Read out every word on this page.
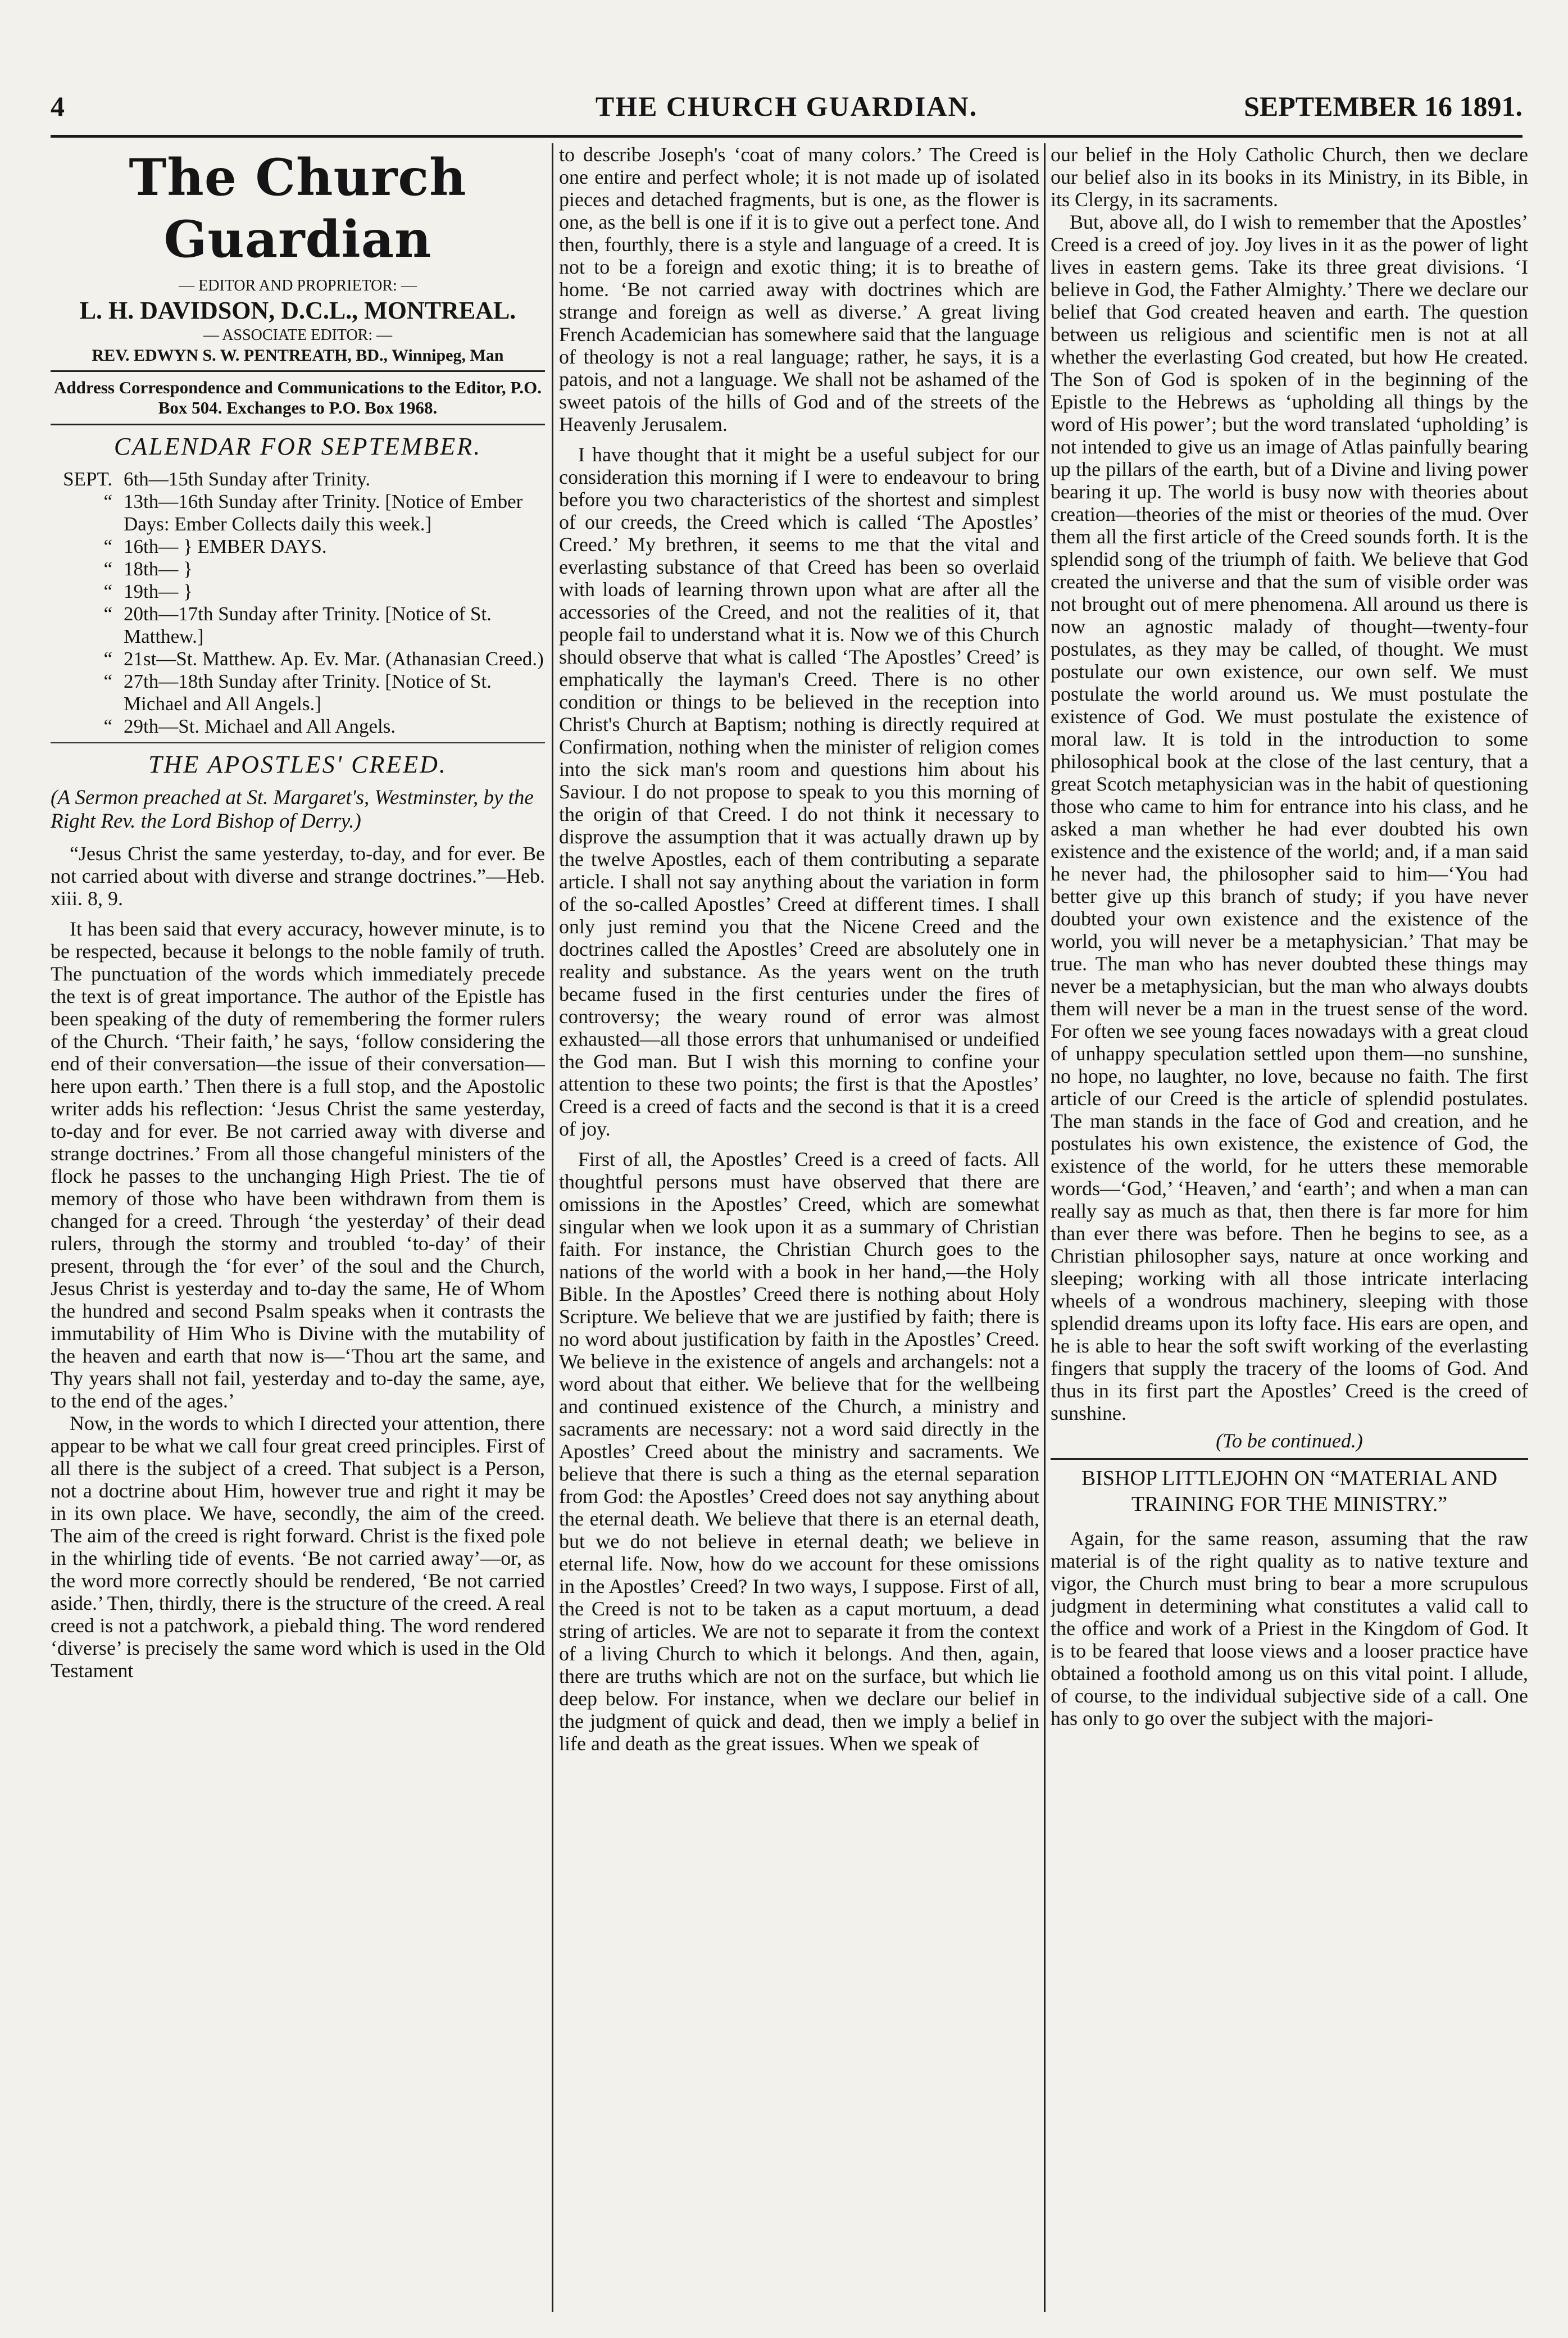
4	THE CHURCH GUARDIAN.	SEPTEMBER 16 1891.
The Church Guardian
— EDITOR AND PROPRIETOR: —
L. H. DAVIDSON, D.C.L., MONTREAL.
— ASSOCIATE EDITOR: —
REV. EDWYN S. W. PENTREATH, BD., Winnipeg, Man
Address Correspondence and Communications to the Editor, P.O. Box 504. Exchanges to P.O. Box 1968.
CALENDAR FOR SEPTEMBER.
SEPT.	6th—15th Sunday after Trinity.
“	13th—16th Sunday after Trinity. [Notice of Ember Days: Ember Collects daily this week.]
“	16th— } EMBER DAYS.
“	18th— }
“	19th— }
“	20th—17th Sunday after Trinity. [Notice of St. Matthew.]
“	21st—St. Matthew. Ap. Ev. Mar. (Athanasian Creed.)
“	27th—18th Sunday after Trinity. [Notice of St. Michael and All Angels.]
“	29th—St. Michael and All Angels.
THE APOSTLES' CREED.
(A Sermon preached at St. Margaret's, Westminster, by the Right Rev. the Lord Bishop of Derry.)

“Jesus Christ the same yesterday, to-day, and for ever. Be not carried about with diverse and strange doctrines.”—Heb. xiii. 8, 9.

It has been said that every accuracy, however minute, is to be respected, because it belongs to the noble family of truth. The punctuation of the words which immediately precede the text is of great importance. The author of the Epistle has been speaking of the duty of remembering the former rulers of the Church. ‘Their faith,’ he says, ‘follow considering the end of their conversation—the issue of their conversation—here upon earth.’ Then there is a full stop, and the Apostolic writer adds his reflection: ‘Jesus Christ the same yesterday, to-day and for ever. Be not carried away with diverse and strange doctrines.’ From all those changeful ministers of the flock he passes to the unchanging High Priest. The tie of memory of those who have been withdrawn from them is changed for a creed. Through ‘the yesterday’ of their dead rulers, through the stormy and troubled ‘to-day’ of their present, through the ‘for ever’ of the soul and the Church, Jesus Christ is yesterday and to-day the same, He of Whom the hundred and second Psalm speaks when it contrasts the immutability of Him Who is Divine with the mutability of the heaven and earth that now is—‘Thou art the same, and Thy years shall not fail, yesterday and to-day the same, aye, to the end of the ages.’

Now, in the words to which I directed your attention, there appear to be what we call four great creed principles. First of all there is the subject of a creed. That subject is a Person, not a doctrine about Him, however true and right it may be in its own place. We have, secondly, the aim of the creed. The aim of the creed is right forward. Christ is the fixed pole in the whirling tide of events. ‘Be not carried away’—or, as the word more correctly should be rendered, ‘Be not carried aside.’ Then, thirdly, there is the structure of the creed. A real creed is not a patchwork, a piebald thing. The word rendered ‘diverse’ is precisely the same word which is used in the Old Testament

to describe Joseph's ‘coat of many colors.’ The Creed is one entire and perfect whole; it is not made up of isolated pieces and detached fragments, but is one, as the flower is one, as the bell is one if it is to give out a perfect tone. And then, fourthly, there is a style and language of a creed. It is not to be a foreign and exotic thing; it is to breathe of home. ‘Be not carried away with doctrines which are strange and foreign as well as diverse.’ A great living French Academician has somewhere said that the language of theology is not a real language; rather, he says, it is a patois, and not a language. We shall not be ashamed of the sweet patois of the hills of God and of the streets of the Heavenly Jerusalem.

I have thought that it might be a useful subject for our consideration this morning if I were to endeavour to bring before you two characteristics of the shortest and simplest of our creeds, the Creed which is called ‘The Apostles’ Creed.’ My brethren, it seems to me that the vital and everlasting substance of that Creed has been so overlaid with loads of learning thrown upon what are after all the accessories of the Creed, and not the realities of it, that people fail to understand what it is. Now we of this Church should observe that what is called ‘The Apostles’ Creed’ is emphatically the layman's Creed. There is no other condition or things to be believed in the reception into Christ's Church at Baptism; nothing is directly required at Confirmation, nothing when the minister of religion comes into the sick man's room and questions him about his Saviour. I do not propose to speak to you this morning of the origin of that Creed. I do not think it necessary to disprove the assumption that it was actually drawn up by the twelve Apostles, each of them contributing a separate article. I shall not say anything about the variation in form of the so-called Apostles’ Creed at different times. I shall only just remind you that the Nicene Creed and the doctrines called the Apostles’ Creed are absolutely one in reality and substance. As the years went on the truth became fused in the first centuries under the fires of controversy; the weary round of error was almost exhausted—all those errors that unhumanised or undeified the God man. But I wish this morning to confine your attention to these two points; the first is that the Apostles’ Creed is a creed of facts and the second is that it is a creed of joy.

First of all, the Apostles’ Creed is a creed of facts. All thoughtful persons must have observed that there are omissions in the Apostles’ Creed, which are somewhat singular when we look upon it as a summary of Christian faith. For instance, the Christian Church goes to the nations of the world with a book in her hand,—the Holy Bible. In the Apostles’ Creed there is nothing about Holy Scripture. We believe that we are justified by faith; there is no word about justification by faith in the Apostles’ Creed. We believe in the existence of angels and archangels: not a word about that either. We believe that for the wellbeing and continued existence of the Church, a ministry and sacraments are necessary: not a word said directly in the Apostles’ Creed about the ministry and sacraments. We believe that there is such a thing as the eternal separation from God: the Apostles’ Creed does not say anything about the eternal death. We believe that there is an eternal death, but we do not believe in eternal death; we believe in eternal life. Now, how do we account for these omissions in the Apostles’ Creed? In two ways, I suppose. First of all, the Creed is not to be taken as a caput mortuum, a dead string of articles. We are not to separate it from the context of a living Church to which it belongs. And then, again, there are truths which are not on the surface, but which lie deep below. For instance, when we declare our belief in the judgment of quick and dead, then we imply a belief in life and death as the great issues. When we speak of

our belief in the Holy Catholic Church, then we declare our belief also in its books in its Ministry, in its Bible, in its Clergy, in its sacraments.

But, above all, do I wish to remember that the Apostles’ Creed is a creed of joy. Joy lives in it as the power of light lives in eastern gems. Take its three great divisions. ‘I believe in God, the Father Almighty.’ There we declare our belief that God created heaven and earth. The question between us religious and scientific men is not at all whether the everlasting God created, but how He created. The Son of God is spoken of in the beginning of the Epistle to the Hebrews as ‘upholding all things by the word of His power’; but the word translated ‘upholding’ is not intended to give us an image of Atlas painfully bearing up the pillars of the earth, but of a Divine and living power bearing it up. The world is busy now with theories about creation—theories of the mist or theories of the mud. Over them all the first article of the Creed sounds forth. It is the splendid song of the triumph of faith. We believe that God created the universe and that the sum of visible order was not brought out of mere phenomena. All around us there is now an agnostic malady of thought—twenty-four postulates, as they may be called, of thought. We must postulate our own existence, our own self. We must postulate the world around us. We must postulate the existence of God. We must postulate the existence of moral law. It is told in the introduction to some philosophical book at the close of the last century, that a great Scotch metaphysician was in the habit of questioning those who came to him for entrance into his class, and he asked a man whether he had ever doubted his own existence and the existence of the world; and, if a man said he never had, the philosopher said to him—‘You had better give up this branch of study; if you have never doubted your own existence and the existence of the world, you will never be a metaphysician.’ That may be true. The man who has never doubted these things may never be a metaphysician, but the man who always doubts them will never be a man in the truest sense of the word. For often we see young faces nowadays with a great cloud of unhappy speculation settled upon them—no sunshine, no hope, no laughter, no love, because no faith. The first article of our Creed is the article of splendid postulates. The man stands in the face of God and creation, and he postulates his own existence, the existence of God, the existence of the world, for he utters these memorable words—‘God,’ ‘Heaven,’ and ‘earth’; and when a man can really say as much as that, then there is far more for him than ever there was before. Then he begins to see, as a Christian philosopher says, nature at once working and sleeping; working with all those intricate interlacing wheels of a wondrous machinery, sleeping with those splendid dreams upon its lofty face. His ears are open, and he is able to hear the soft swift working of the everlasting fingers that supply the tracery of the looms of God. And thus in its first part the Apostles’ Creed is the creed of sunshine.

(To be continued.)
BISHOP LITTLEJOHN ON “MATERIAL AND TRAINING FOR THE MINISTRY.”

Again, for the same reason, assuming that the raw material is of the right quality as to native texture and vigor, the Church must bring to bear a more scrupulous judgment in determining what constitutes a valid call to the office and work of a Priest in the Kingdom of God. It is to be feared that loose views and a looser practice have obtained a foothold among us on this vital point. I allude, of course, to the individual subjective side of a call. One has only to go over the subject with the majori-
